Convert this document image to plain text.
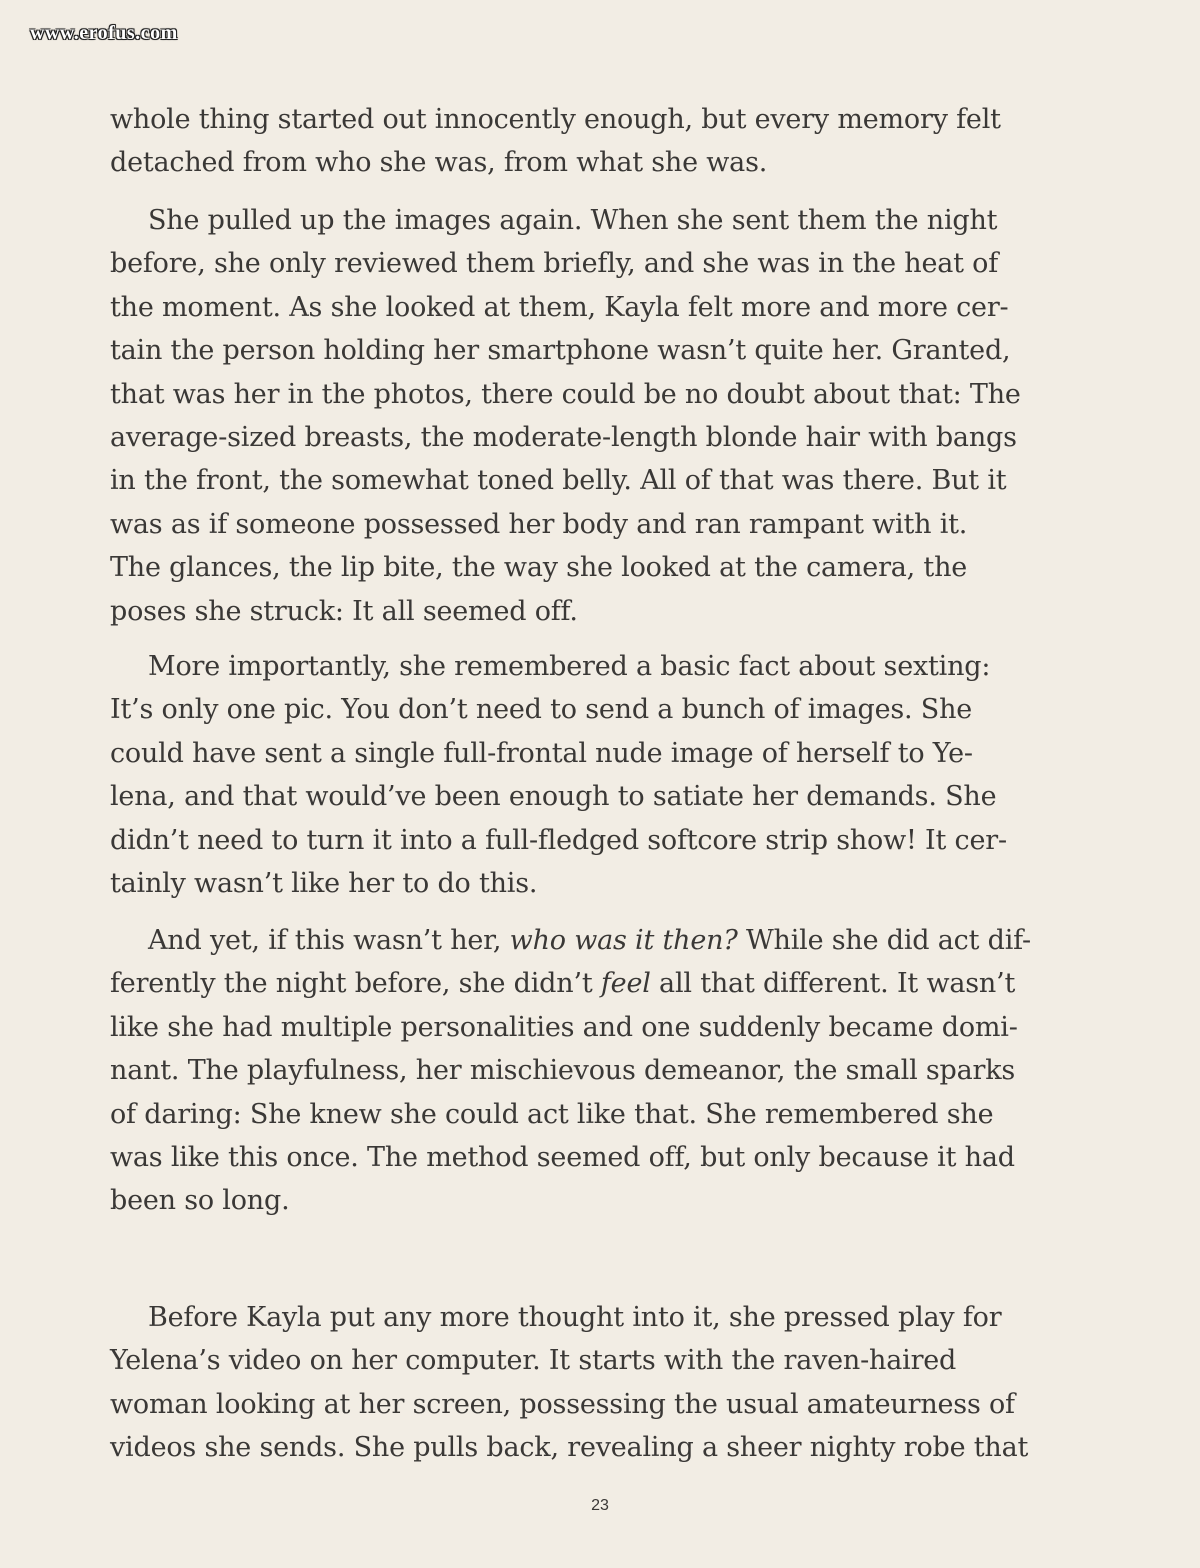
www.erofus.com
whole thing started out innocently enough, but every memory felt
detached from who she was, from what she was.
She pulled up the images again. When she sent them the night
before, she only reviewed them briefly, and she was in the heat of
the moment. As she looked at them, Kayla felt more and more cer-
tain the person holding her smartphone wasn’t quite her. Granted,
that was her in the photos, there could be no doubt about that: The
average-sized breasts, the moderate-length blonde hair with bangs
in the front, the somewhat toned belly. All of that was there. But it
was as if someone possessed her body and ran rampant with it.
The glances, the lip bite, the way she looked at the camera, the
poses she struck: It all seemed off.
More importantly, she remembered a basic fact about sexting:
It’s only one pic. You don’t need to send a bunch of images. She
could have sent a single full-frontal nude image of herself to Ye-
lena, and that would’ve been enough to satiate her demands. She
didn’t need to turn it into a full-fledged softcore strip show! It cer-
tainly wasn’t like her to do this.
And yet, if this wasn’t her, who was it then? While she did act dif-
ferently the night before, she didn’t feel all that different. It wasn’t
like she had multiple personalities and one suddenly became domi-
nant. The playfulness, her mischievous demeanor, the small sparks
of daring: She knew she could act like that. She remembered she
was like this once. The method seemed off, but only because it had
been so long.
Before Kayla put any more thought into it, she pressed play for
Yelena’s video on her computer. It starts with the raven-haired
woman looking at her screen, possessing the usual amateurness of
videos she sends. She pulls back, revealing a sheer nighty robe that
23
